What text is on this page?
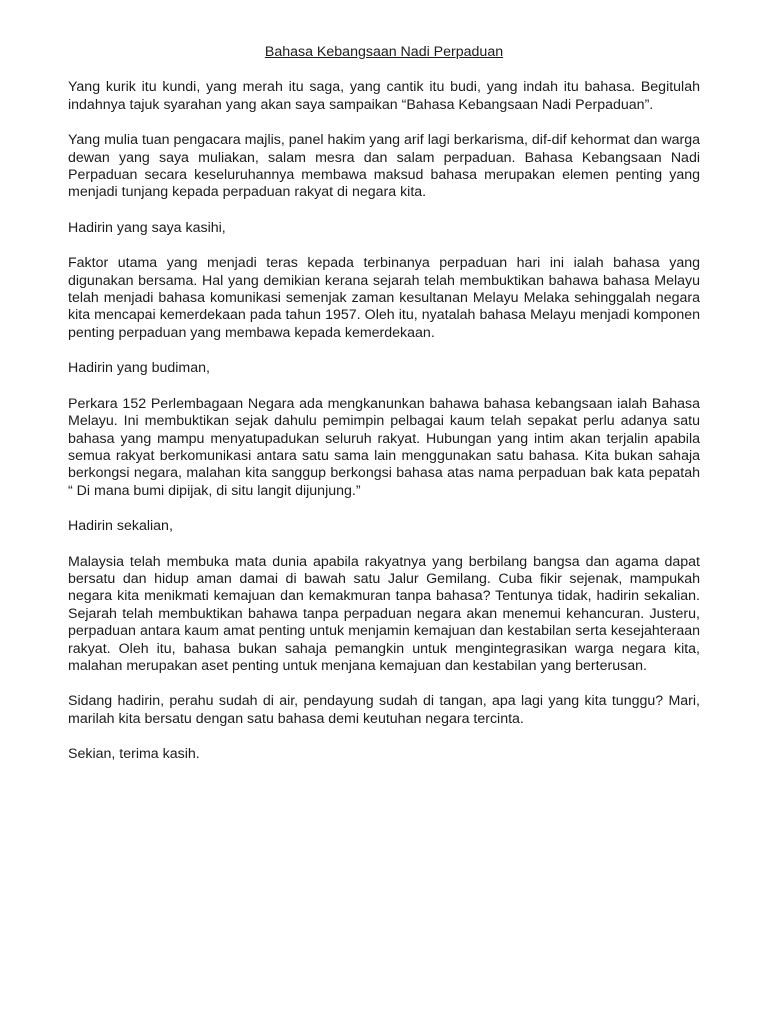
Bahasa Kebangsaan Nadi Perpaduan

Yang kurik itu kundi, yang merah itu saga, yang cantik itu budi, yang indah itu bahasa. Begitulah indahnya tajuk syarahan yang akan saya sampaikan “Bahasa Kebangsaan Nadi Perpaduan”.

Yang mulia tuan pengacara majlis, panel hakim yang arif lagi berkarisma, dif-dif kehormat dan warga dewan yang saya muliakan, salam mesra dan salam perpaduan. Bahasa Kebangsaan Nadi Perpaduan secara keseluruhannya membawa maksud bahasa merupakan elemen penting yang menjadi tunjang kepada perpaduan rakyat di negara kita.

Hadirin yang saya kasihi,

Faktor utama yang menjadi teras kepada terbinanya perpaduan hari ini ialah bahasa yang digunakan bersama. Hal yang demikian kerana sejarah telah membuktikan bahawa bahasa Melayu telah menjadi bahasa komunikasi semenjak zaman kesultanan Melayu Melaka sehinggalah negara kita mencapai kemerdekaan pada tahun 1957. Oleh itu, nyatalah bahasa Melayu menjadi komponen penting perpaduan yang membawa kepada kemerdekaan.

Hadirin yang budiman,

Perkara 152 Perlembagaan Negara ada mengkanunkan bahawa bahasa kebangsaan ialah Bahasa Melayu. Ini membuktikan sejak dahulu pemimpin pelbagai kaum telah sepakat perlu adanya satu bahasa yang mampu menyatupadukan seluruh rakyat. Hubungan yang intim akan terjalin apabila semua rakyat berkomunikasi antara satu sama lain menggunakan satu bahasa. Kita bukan sahaja berkongsi negara, malahan kita sanggup berkongsi bahasa atas nama perpaduan bak kata pepatah “ Di mana bumi dipijak, di situ langit dijunjung.”

Hadirin sekalian,

Malaysia telah membuka mata dunia apabila rakyatnya yang berbilang bangsa dan agama dapat bersatu dan hidup aman damai di bawah satu Jalur Gemilang. Cuba fikir sejenak, mampukah negara kita menikmati kemajuan dan kemakmuran tanpa bahasa? Tentunya tidak, hadirin sekalian. Sejarah telah membuktikan bahawa tanpa perpaduan negara akan menemui kehancuran. Justeru, perpaduan antara kaum amat penting untuk menjamin kemajuan dan kestabilan serta kesejahteraan rakyat. Oleh itu, bahasa bukan sahaja pemangkin untuk mengintegrasikan warga negara kita, malahan merupakan aset penting untuk menjana kemajuan dan kestabilan yang berterusan.

Sidang hadirin, perahu sudah di air, pendayung sudah di tangan, apa lagi yang kita tunggu? Mari, marilah kita bersatu dengan satu bahasa demi keutuhan negara tercinta.

Sekian, terima kasih.
